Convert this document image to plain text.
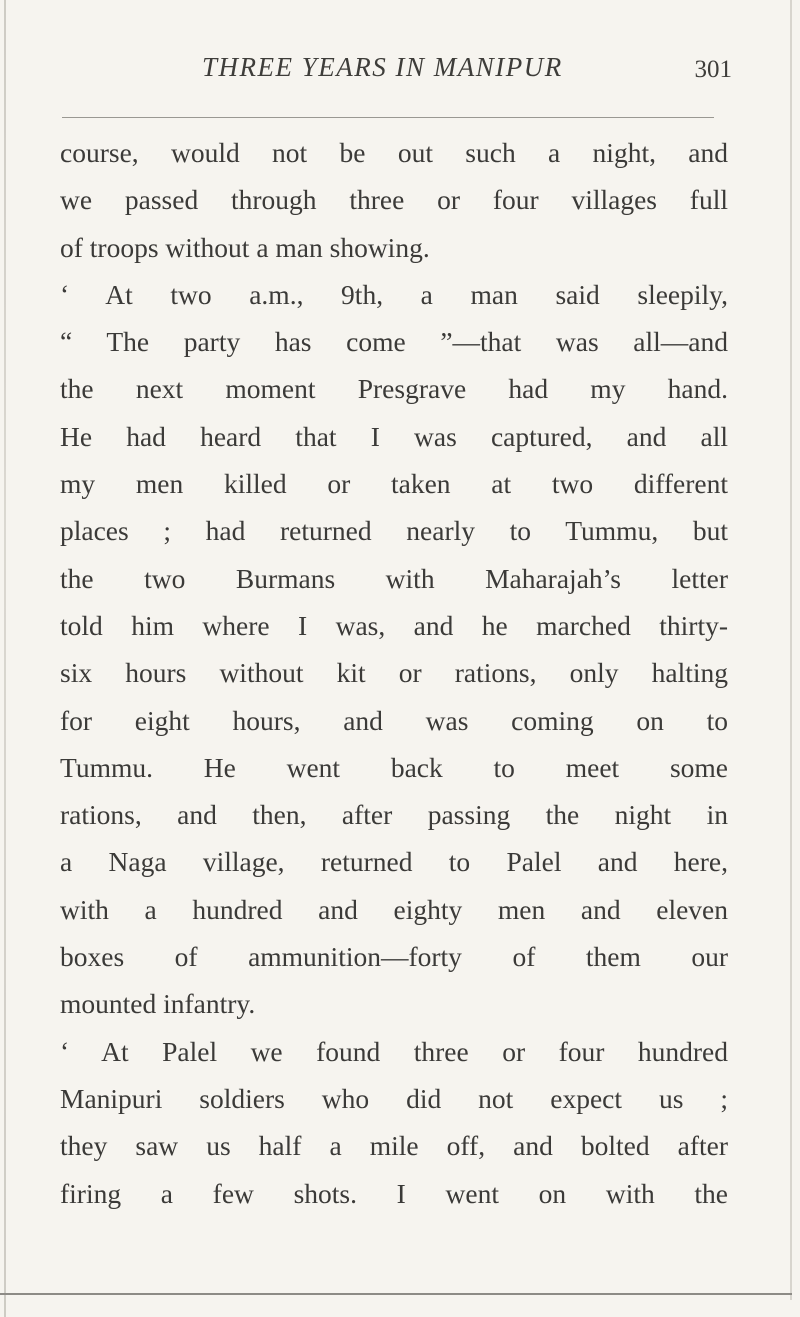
THREE YEARS IN MANIPUR	301
course, would not be out such a night, and
we passed through three or four villages full
of troops without a man showing.
‘ At two a.m., 9th, a man said sleepily,
“ The party has come ”—that was all—and
the next moment Presgrave had my hand.
He had heard that I was captured, and all
my men killed or taken at two different
places ; had returned nearly to Tummu, but
the two Burmans with Maharajah’s letter
told him where I was, and he marched thirty-
six hours without kit or rations, only halting
for eight hours, and was coming on to
Tummu. He went back to meet some
rations, and then, after passing the night in
a Naga village, returned to Palel and here,
with a hundred and eighty men and eleven
boxes of ammunition—forty of them our
mounted infantry.
‘ At Palel we found three or four hundred
Manipuri soldiers who did not expect us ;
they saw us half a mile off, and bolted after
firing a few shots. I went on with the
